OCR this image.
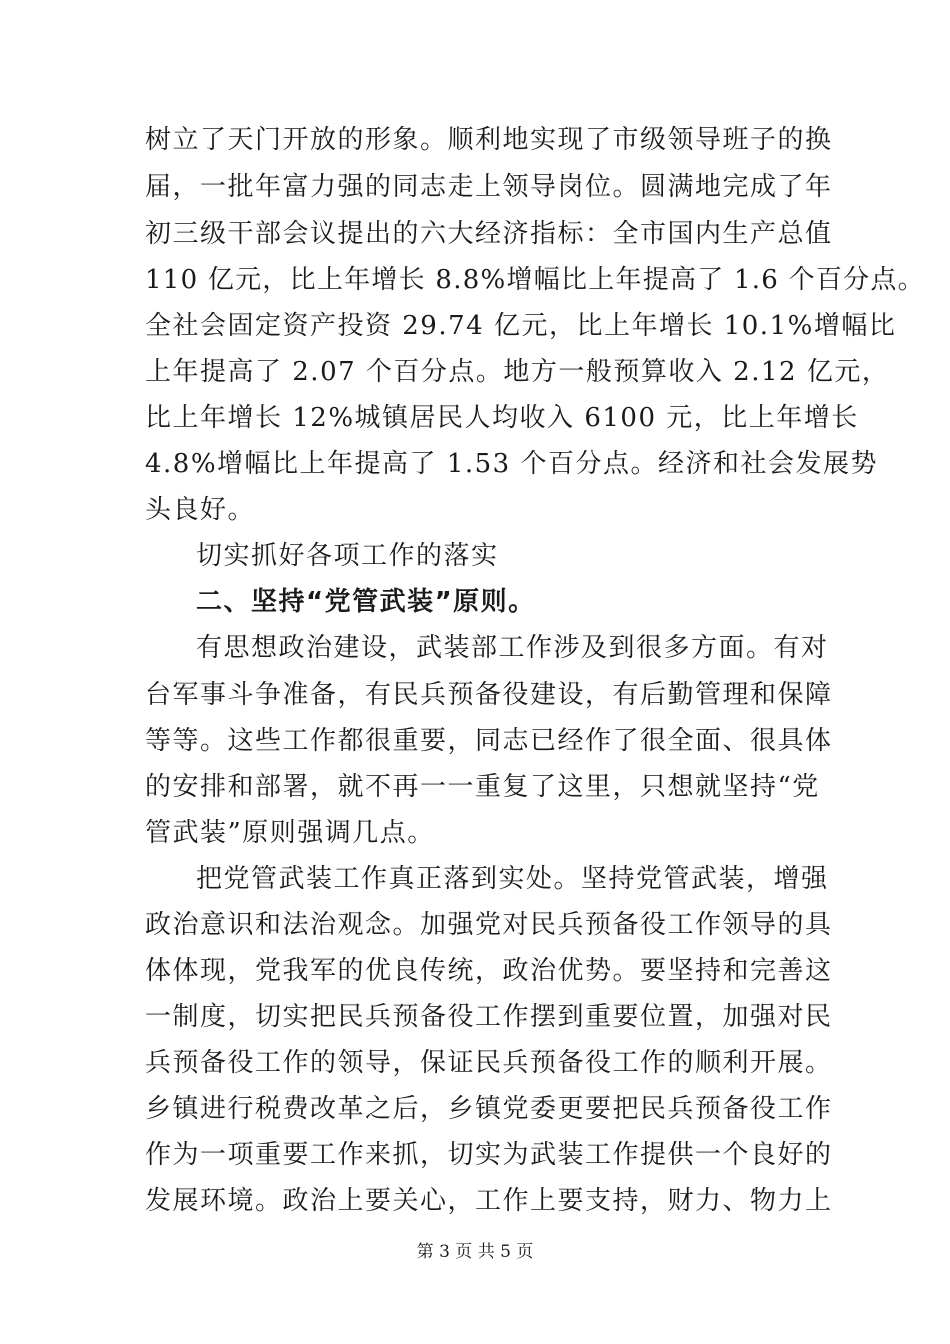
树立了天门开放的形象。顺利地实现了市级领导班子的换
届，一批年富力强的同志走上领导岗位。圆满地完成了年
初三级干部会议提出的六大经济指标：全市国内生产总值
110 亿元，比上年增长 8.8%增幅比上年提高了 1.6 个百分点。
全社会固定资产投资 29.74 亿元，比上年增长 10.1%增幅比
上年提高了 2.07 个百分点。地方一般预算收入 2.12 亿元，
比上年增长 12%城镇居民人均收入 6100 元，比上年增长
4.8%增幅比上年提高了 1.53 个百分点。经济和社会发展势
头良好。
切实抓好各项工作的落实
二、坚持“党管武装”原则。
有思想政治建设，武装部工作涉及到很多方面。有对
台军事斗争准备，有民兵预备役建设，有后勤管理和保障
等等。这些工作都很重要，同志已经作了很全面、很具体
的安排和部署，就不再一一重复了这里，只想就坚持“党
管武装”原则强调几点。
把党管武装工作真正落到实处。坚持党管武装，增强
政治意识和法治观念。加强党对民兵预备役工作领导的具
体体现，党我军的优良传统，政治优势。要坚持和完善这
一制度，切实把民兵预备役工作摆到重要位置，加强对民
兵预备役工作的领导，保证民兵预备役工作的顺利开展。
乡镇进行税费改革之后，乡镇党委更要把民兵预备役工作
作为一项重要工作来抓，切实为武装工作提供一个良好的
发展环境。政治上要关心，工作上要支持，财力、物力上
第 3 页 共 5 页
